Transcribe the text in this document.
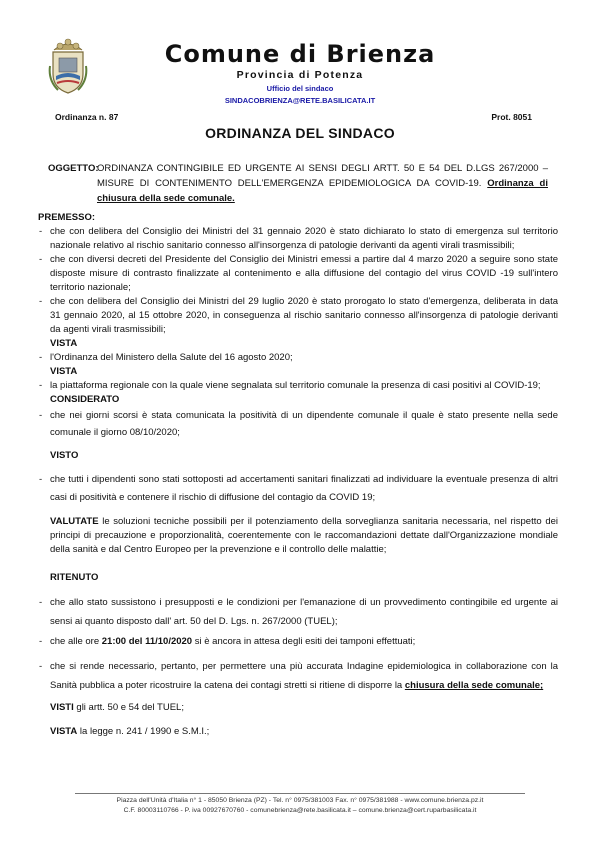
Comune di Brienza
Provincia di Potenza
Ufficio del sindaco
SINDACOBRIENZA@RETE.BASILICATA.IT
Ordinanza n. 87	Prot. 8051
ORDINANZA DEL SINDACO
OGGETTO:
ORDINANZA CONTINGIBILE ED URGENTE AI SENSI DEGLI ARTT. 50 E 54 DEL D.LGS 267/2000 – MISURE DI CONTENIMENTO DELL'EMERGENZA EPIDEMIOLOGICA DA COVID-19. Ordinanza di chiusura della sede comunale.
PREMESSO:
- che con delibera del Consiglio dei Ministri del 31 gennaio 2020 è stato dichiarato lo stato di emergenza sul territorio nazionale relativo al rischio sanitario connesso all'insorgenza di patologie derivanti da agenti virali trasmissibili;
- che con diversi decreti del Presidente del Consiglio dei Ministri emessi a partire dal 4 marzo 2020 a seguire sono state disposte misure di contrasto finalizzate al contenimento e alla diffusione del contagio del virus COVID -19 sull'intero territorio nazionale;
- che con delibera del Consiglio dei Ministri del 29 luglio 2020 è stato prorogato lo stato d'emergenza, deliberata in data 31 gennaio 2020, al 15 ottobre 2020, in conseguenza al rischio sanitario connesso all'insorgenza di patologie derivanti da agenti virali trasmissibili;
VISTA
- l'Ordinanza del Ministero della Salute del 16 agosto 2020;
VISTA
- la piattaforma regionale con la quale viene segnalata sul territorio comunale la presenza di casi positivi al COVID-19;
CONSIDERATO
- che nei giorni scorsi è stata comunicata la positività di un dipendente comunale il quale è stato presente nella sede comunale il giorno 08/10/2020;
VISTO
- che tutti i dipendenti sono stati sottoposti ad accertamenti sanitari finalizzati ad individuare la eventuale presenza di altri casi di positività e contenere il rischio di diffusione del contagio da COVID 19;
VALUTATE le soluzioni tecniche possibili per il potenziamento della sorveglianza sanitaria necessaria, nel rispetto dei principi di precauzione e proporzionalità, coerentemente con le raccomandazioni dettate dall'Organizzazione mondiale della sanità e dal Centro Europeo per la prevenzione e il controllo delle malattie;
RITENUTO
- che allo stato sussistono i presupposti e le condizioni per l'emanazione di un provvedimento contingibile ed urgente ai sensi ai quanto disposto dall' art. 50 del D. Lgs. n. 267/2000 (TUEL);
- che alle ore 21:00 del 11/10/2020 si è ancora in attesa degli esiti dei tamponi effettuati;
- che si rende necessario, pertanto, per permettere una più accurata Indagine epidemiologica in collaborazione con la Sanità pubblica a poter ricostruire la catena dei contagi stretti si ritiene di disporre la chiusura della sede comunale;
VISTI gli artt. 50 e 54 del TUEL;
VISTA la legge n. 241 / 1990 e S.M.I.;
Piazza dell'Unità d'Italia n° 1 - 85050 Brienza (PZ) - Tel. n° 0975/381003 Fax. n° 0975/381988 - www.comune.brienza.pz.it
C.F. 80003110766 - P. iva 00927670760 - comunebrienza@rete.basilicata.it – comune.brienza@cert.ruparbasilicata.it
